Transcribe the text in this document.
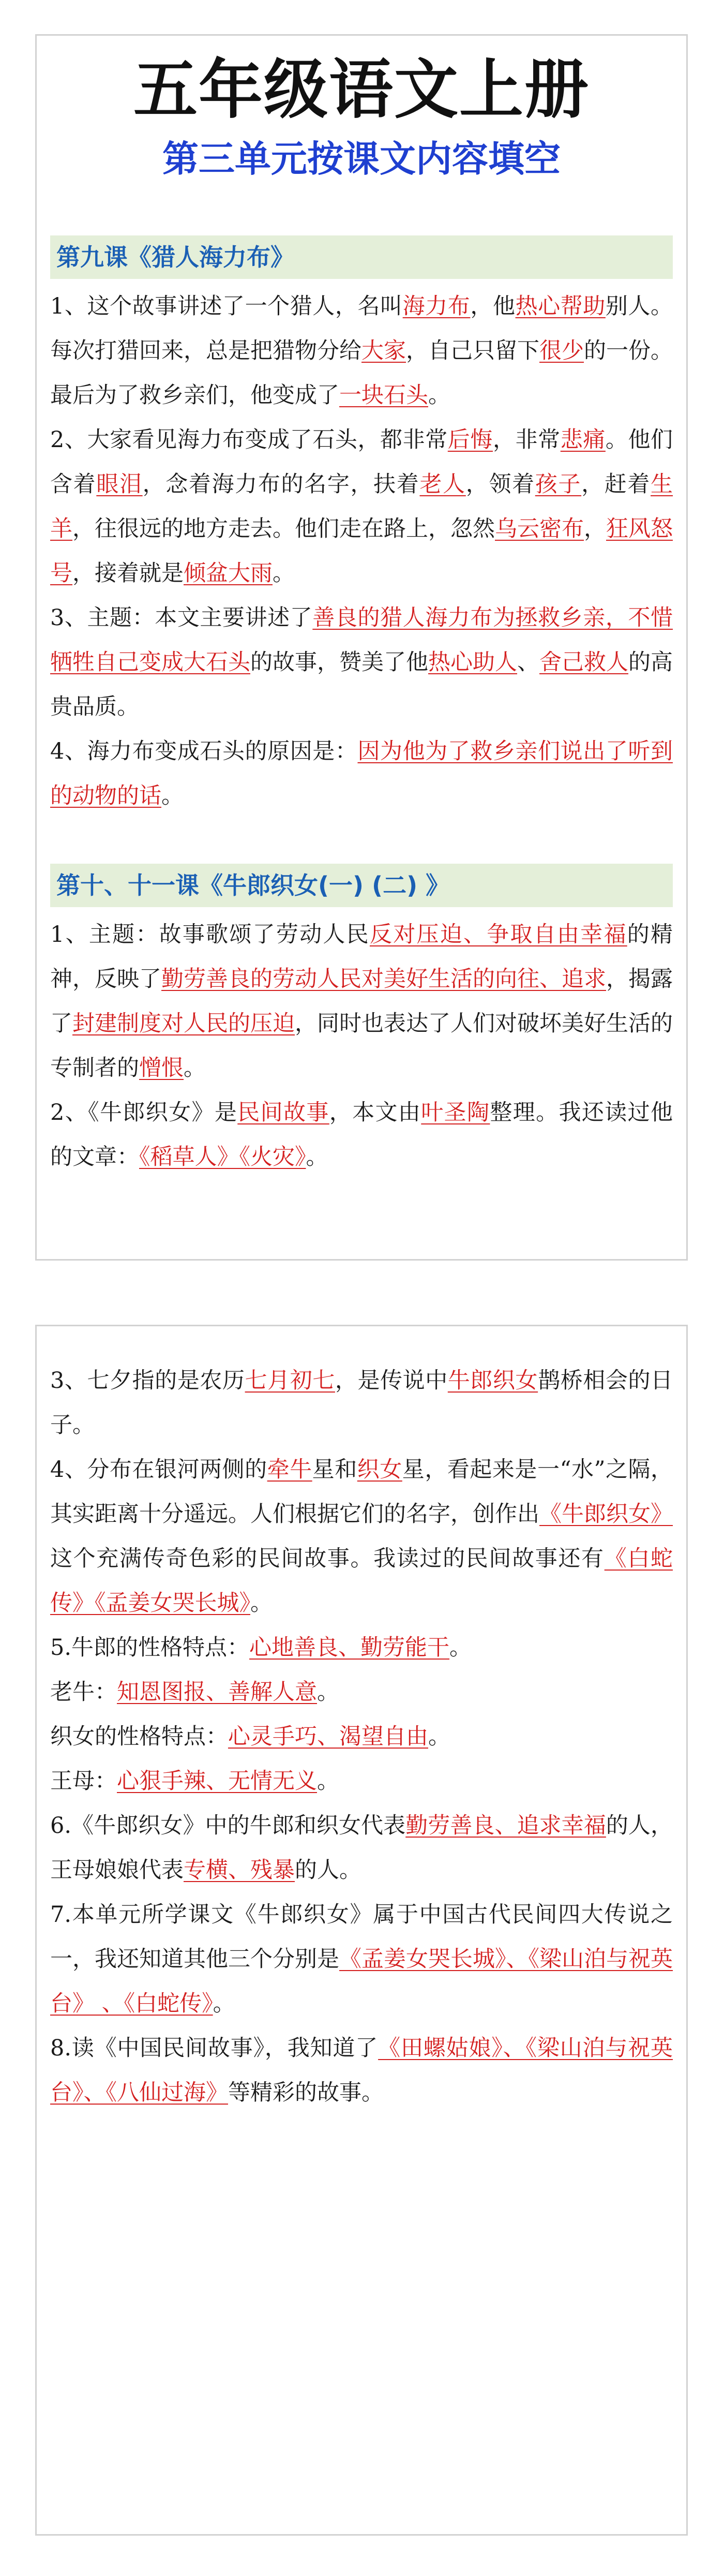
五年级语文上册
第三单元按课文内容填空
第九课《猎人海力布》

1、这个故事讲述了一个猎人，名叫海力布，他热心帮助别人。每次打猎回来，总是把猎物分给大家，自己只留下很少的一份。最后为了救乡亲们，他变成了一块石头。

2、大家看见海力布变成了石头，都非常后悔，非常悲痛。他们含着眼泪，念着海力布的名字，扶着老人，领着孩子，赶着生羊，往很远的地方走去。他们走在路上，忽然乌云密布，狂风怒号，接着就是倾盆大雨。

3、主题：本文主要讲述了善良的猎人海力布为拯救乡亲，不惜牺牲自己变成大石头的故事，赞美了他热心助人、舍己救人的高贵品质。

4、海力布变成石头的原因是：因为他为了救乡亲们说出了听到的动物的话。

第十、十一课《牛郎织女(一) (二) 》

1、主题：故事歌颂了劳动人民反对压迫、争取自由幸福的精神，反映了勤劳善良的劳动人民对美好生活的向往、追求，揭露了封建制度对人民的压迫，同时也表达了人们对破坏美好生活的专制者的憎恨。

2、《牛郎织女》是民间故事，本文由叶圣陶整理。我还读过他的文章：《稻草人》《火灾》。

3、七夕指的是农历七月初七，是传说中牛郎织女鹊桥相会的日子。

4、分布在银河两侧的牵牛星和织女星，看起来是一“水”之隔，其实距离十分遥远。人们根据它们的名字，创作出《牛郎织女》这个充满传奇色彩的民间故事。我读过的民间故事还有《白蛇传》《孟姜女哭长城》。

5.牛郎的性格特点：心地善良、勤劳能干。

老牛：知恩图报、善解人意。

织女的性格特点：心灵手巧、渴望自由。

王母：心狠手辣、无情无义。

6.《牛郎织女》中的牛郎和织女代表勤劳善良、追求幸福的人，王母娘娘代表专横、残暴的人。

7.本单元所学课文《牛郎织女》属于中国古代民间四大传说之一，我还知道其他三个分别是《孟姜女哭长城》、《梁山泊与祝英台》 、《白蛇传》。

8.读《中国民间故事》，我知道了《田螺姑娘》、《梁山泊与祝英台》、《八仙过海》等精彩的故事。
